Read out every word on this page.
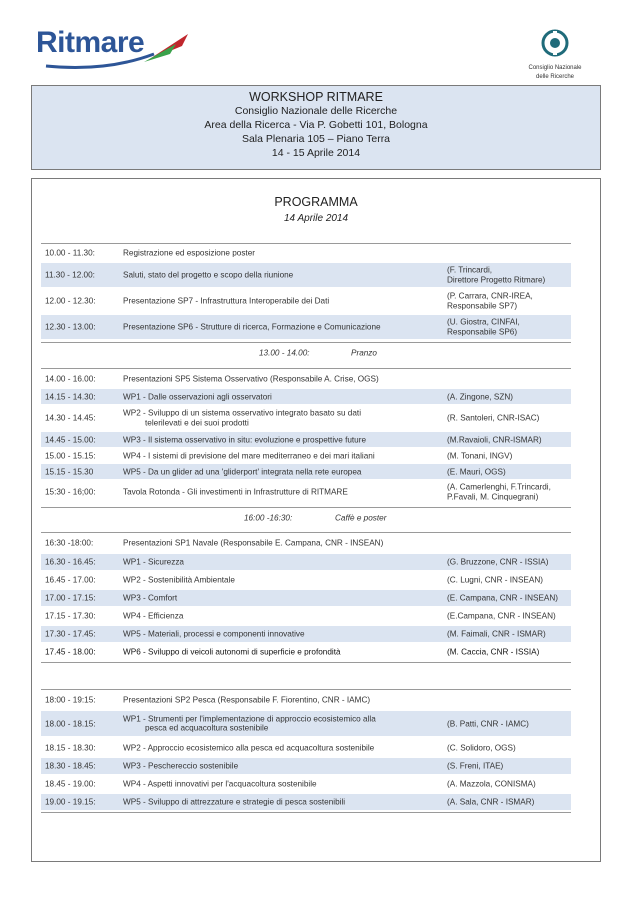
Ritmare
Consiglio Nazionale
delle Ricerche
WORKSHOP RITMARE
Consiglio Nazionale delle Ricerche
Area della Ricerca - Via P. Gobetti 101, Bologna
Sala Plenaria 105 – Piano Terra
14 - 15 Aprile 2014
PROGRAMMA
14 Aprile 2014
10.00 - 11.30:	Registrazione ed esposizione poster
11.30 - 12.00:	Saluti, stato del progetto e scopo della riunione
(F. Trincardi,
Direttore Progetto Ritmare)
12.00 - 12.30:	Presentazione SP7 - Infrastruttura Interoperabile dei Dati
(P. Carrara, CNR-IREA,
Responsabile SP7)
12.30 - 13.00:	Presentazione SP6 - Strutture di ricerca, Formazione e Comunicazione
(U. Giostra, CINFAI,
Responsabile SP6)
13.00 - 14.00:	Pranzo
14.00 - 16.00:	Presentazioni SP5 Sistema Osservativo (Responsabile A. Crise, OGS)
14.15 - 14.30:	WP1 - Dalle osservazioni agli osservatori	(A. Zingone, SZN)
14.30 - 14.45:
WP2 - Sviluppo di un sistema osservativo integrato basato su dati
telerilevati e dei suoi prodotti
(R. Santoleri, CNR-ISAC)
14.45 - 15.00:	WP3 - Il sistema osservativo in situ: evoluzione e prospettive future	(M.Ravaioli, CNR-ISMAR)
15.00 - 15.15:	WP4 - I sistemi di previsione del mare mediterraneo e dei mari italiani	(M. Tonani, INGV)
15.15 - 15.30	WP5 - Da un glider ad una 'gliderport' integrata nella rete europea	(E. Mauri, OGS)
15:30 - 16;00:	Tavola Rotonda - Gli investimenti in Infrastrutture di RITMARE
(A. Camerlenghi, F.Trincardi,
P.Favali, M. Cinquegrani)
16:00 -16:30:	Caffè e poster
16:30 -18:00:	Presentazioni SP1 Navale (Responsabile E. Campana, CNR - INSEAN)
16.30 - 16.45:	WP1 - Sicurezza	(G. Bruzzone, CNR - ISSIA)
16.45 - 17.00:	WP2 - Sostenibilità Ambientale	(C. Lugni, CNR - INSEAN)
17.00 - 17.15:	WP3 - Comfort	(E. Campana, CNR - INSEAN)
17.15 - 17.30:	WP4 - Efficienza	(E.Campana, CNR - INSEAN)
17.30 - 17.45:	WP5 - Materiali, processi e componenti innovative	(M. Faimali, CNR - ISMAR)
17.45 - 18.00:	WP6 - Sviluppo di veicoli autonomi di superficie e profondità	(M. Caccia, CNR - ISSIA)
18:00 - 19:15:	Presentazioni SP2 Pesca (Responsabile F. Fiorentino, CNR - IAMC)
18.00 - 18.15:
WP1 - Strumenti per l'implementazione di approccio ecosistemico alla
pesca ed acquacoltura sostenibile
(B. Patti, CNR - IAMC)
18.15 - 18.30:	WP2 - Approccio ecosistemico alla pesca ed acquacoltura sostenibile	(C. Solidoro, OGS)
18.30 - 18.45:	WP3 - Peschereccio sostenibile	(S. Freni, ITAE)
18.45 - 19.00:	WP4 - Aspetti innovativi per l'acquacoltura sostenibile	(A. Mazzola, CONISMA)
19.00 - 19.15:	WP5 - Sviluppo di attrezzature e strategie di pesca sostenibili	(A. Sala, CNR - ISMAR)
